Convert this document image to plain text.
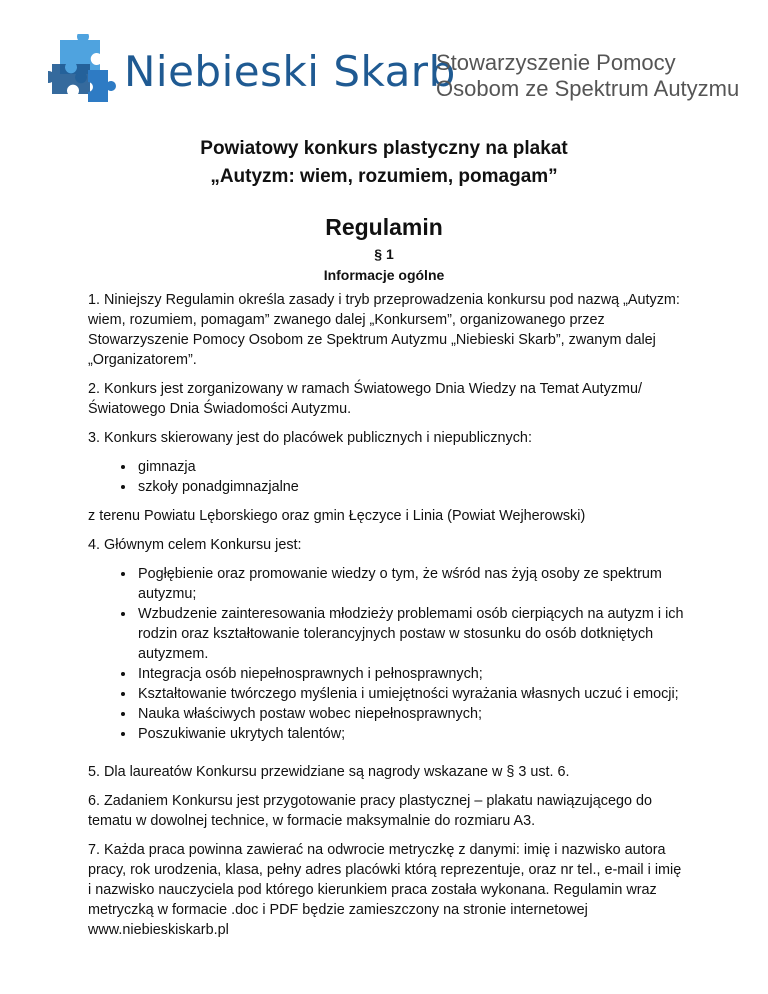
Niebieski Skarb
Stowarzyszenie Pomocy
Osobom ze Spektrum Autyzmu
Powiatowy konkurs plastyczny na plakat
„Autyzm: wiem, rozumiem, pomagam”
Regulamin
§ 1
Informacje ogólne

1. Niniejszy Regulamin określa zasady i tryb przeprowadzenia konkursu pod nazwą „Autyzm: wiem, rozumiem, pomagam” zwanego dalej „Konkursem”, organizowanego przez Stowarzyszenie Pomocy Osobom ze Spektrum Autyzmu „Niebieski Skarb”, zwanym dalej „Organizatorem”.

2. Konkurs jest zorganizowany w ramach Światowego Dnia Wiedzy na Temat Autyzmu/Światowego Dnia Świadomości Autyzmu.

3. Konkurs skierowany jest do placówek publicznych i niepublicznych:

• gimnazja
• szkoły ponadgimnazjalne

z terenu Powiatu Lęborskiego oraz gmin Łęczyce i Linia (Powiat Wejherowski)

4. Głównym celem Konkursu jest:

• Pogłębienie oraz promowanie wiedzy o tym, że wśród nas żyją osoby ze spektrum autyzmu;
• Wzbudzenie zainteresowania młodzieży problemami osób cierpiących na autyzm i ich rodzin oraz kształtowanie tolerancyjnych postaw w stosunku do osób dotkniętych autyzmem.
• Integracja osób niepełnosprawnych i pełnosprawnych;
• Kształtowanie twórczego myślenia i umiejętności wyrażania własnych uczuć i emocji;
• Nauka właściwych postaw wobec niepełnosprawnych;
• Poszukiwanie ukrytych talentów;

5. Dla laureatów Konkursu przewidziane są nagrody wskazane w § 3 ust. 6.

6. Zadaniem Konkursu jest przygotowanie pracy plastycznej – plakatu nawiązującego do tematu w dowolnej technice, w formacie maksymalnie do rozmiaru A3.

7. Każda praca powinna zawierać na odwrocie metryczkę z danymi: imię i nazwisko autora pracy, rok urodzenia, klasa, pełny adres placówki którą reprezentuje, oraz nr tel., e-mail i imię i nazwisko nauczyciela pod którego kierunkiem praca została wykonana. Regulamin wraz metryczką w formacie .doc i PDF będzie zamieszczony na stronie internetowej www.niebieskiskarb.pl
